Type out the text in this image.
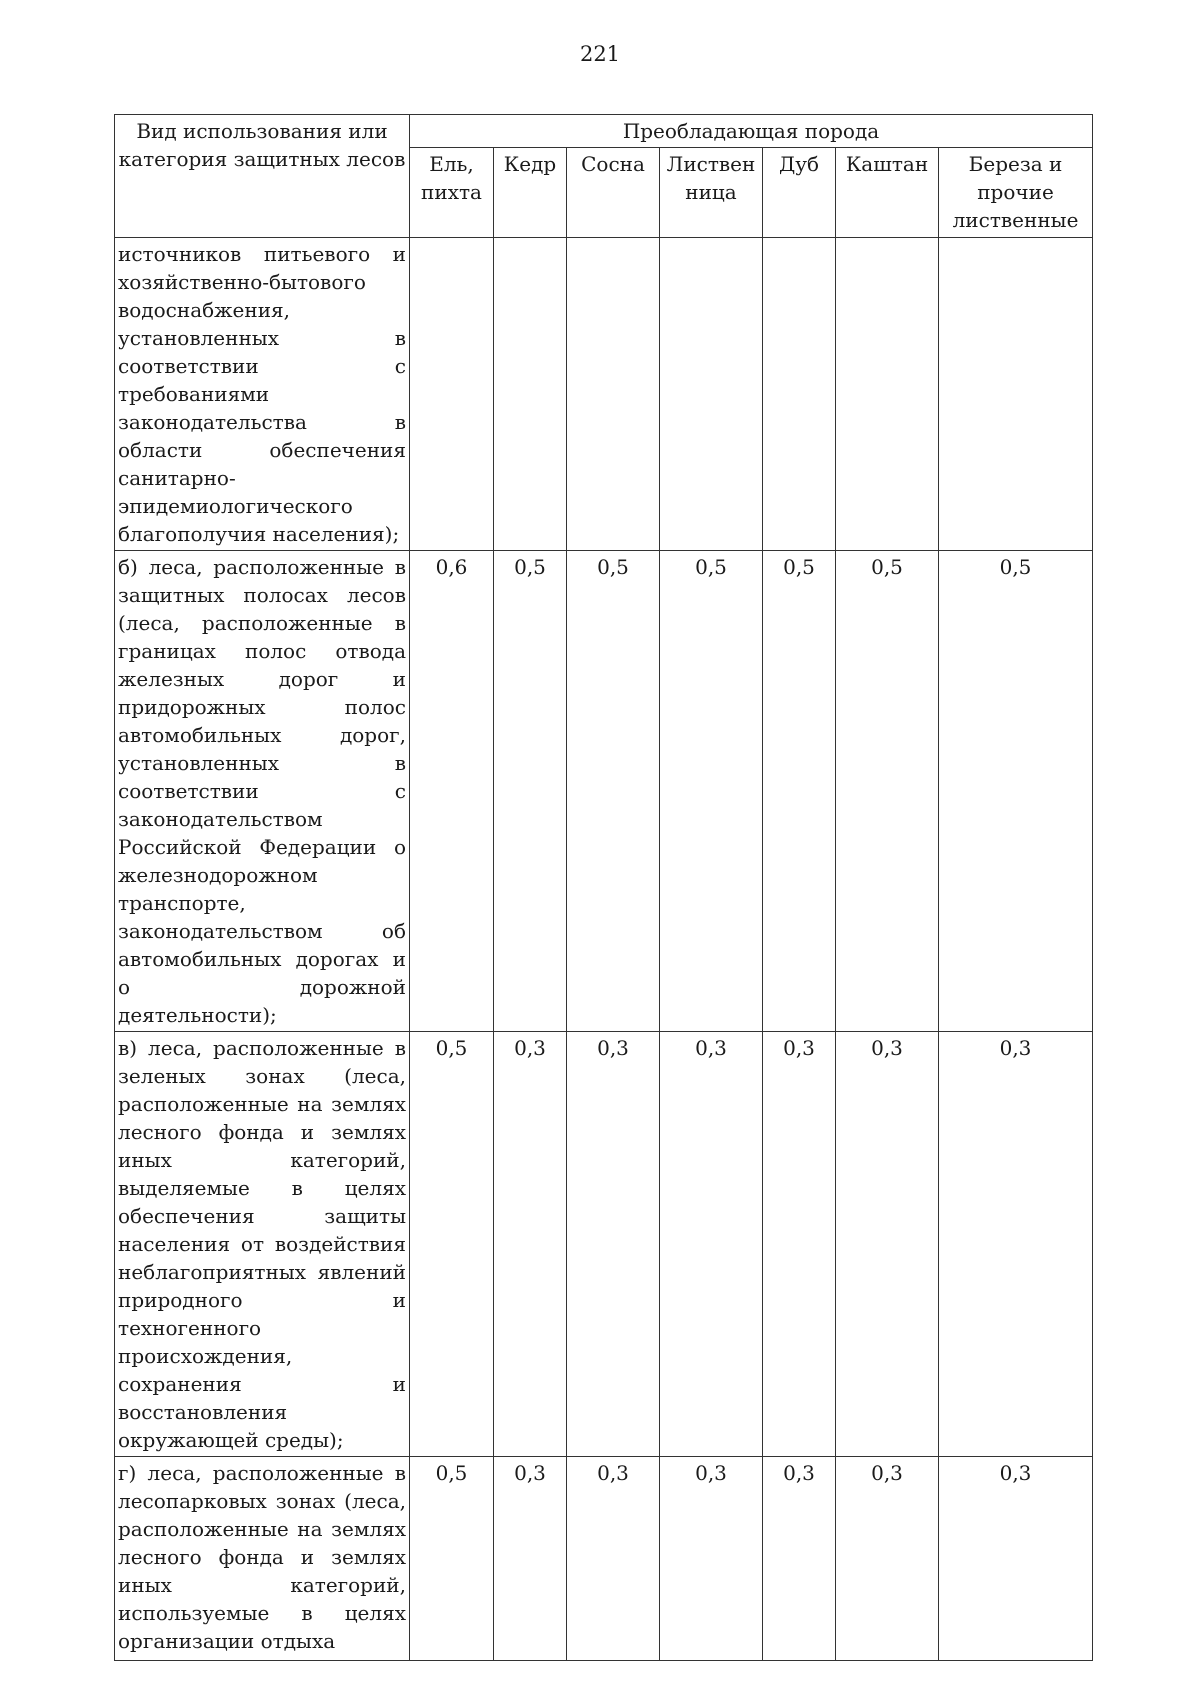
221
Вид использования или категория защитных лесов	Преобладающая порода						
	Ель, пихта	Кедр	Сосна	Листвен ница	Дуб	Каштан	Береза и прочие лиственные
источников питьевого и хозяйственно-бытового водоснабжения, установленных в соответствии с требованиями законодательства в области обеспечения санитарно-эпидемиологического благополучия населения);							
б) леса, расположенные в защитных полосах лесов (леса, расположенные в границах полос отвода железных дорог и придорожных полос автомобильных дорог, установленных в соответствии с законодательством Российской Федерации о железнодорожном транспорте, законодательством об автомобильных дорогах и о дорожной деятельности);	0,6	0,5	0,5	0,5	0,5	0,5	0,5
в) леса, расположенные в зеленых зонах (леса, расположенные на землях лесного фонда и землях иных категорий, выделяемые в целях обеспечения защиты населения от воздействия неблагоприятных явлений природного и техногенного происхождения, сохранения и восстановления окружающей среды);	0,5	0,3	0,3	0,3	0,3	0,3	0,3
г) леса, расположенные в лесопарковых зонах (леса, расположенные на землях лесного фонда и землях иных категорий, используемые в целях организации отдыха	0,5	0,3	0,3	0,3	0,3	0,3	0,3
